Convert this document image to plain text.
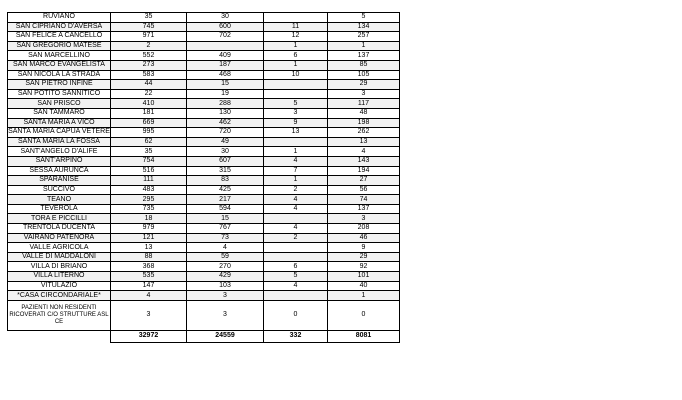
RUVIANO	35	30		5
SAN CIPRIANO D'AVERSA	745	600	11	134
SAN FELICE A CANCELLO	971	702	12	257
SAN GREGORIO MATESE	2		1	1
SAN MARCELLINO	552	409	6	137
SAN MARCO EVANGELISTA	273	187	1	85
SAN NICOLA LA STRADA	583	468	10	105
SAN PIETRO INFINE	44	15		29
SAN POTITO SANNITICO	22	19		3
SAN PRISCO	410	288	5	117
SAN TAMMARO	181	130	3	48
SANTA MARIA A VICO	669	462	9	198
SANTA MARIA CAPUA VETERE	995	720	13	262
SANTA MARIA LA FOSSA	62	49		13
SANT'ANGELO D'ALIFE	35	30	1	4
SANT'ARPINO	754	607	4	143
SESSA AURUNCA	516	315	7	194
SPARANISE	111	83	1	27
SUCCIVO	483	425	2	56
TEANO	295	217	4	74
TEVEROLA	735	594	4	137
TORA E PICCILLI	18	15		3
TRENTOLA DUCENTA	979	767	4	208
VAIRANO PATENORA	121	73	2	46
VALLE AGRICOLA	13	4		9
VALLE DI MADDALONI	88	59		29
VILLA DI BRIANO	368	270	6	92
VILLA LITERNO	535	429	5	101
VITULAZIO	147	103	4	40
*CASA CIRCONDARIALE*	4	3		1
PAZIENTI NON RESIDENTI RICOVERATI C/O STRUTTURE ASL CE	3	3	0	0
	32972	24559	332	8081
